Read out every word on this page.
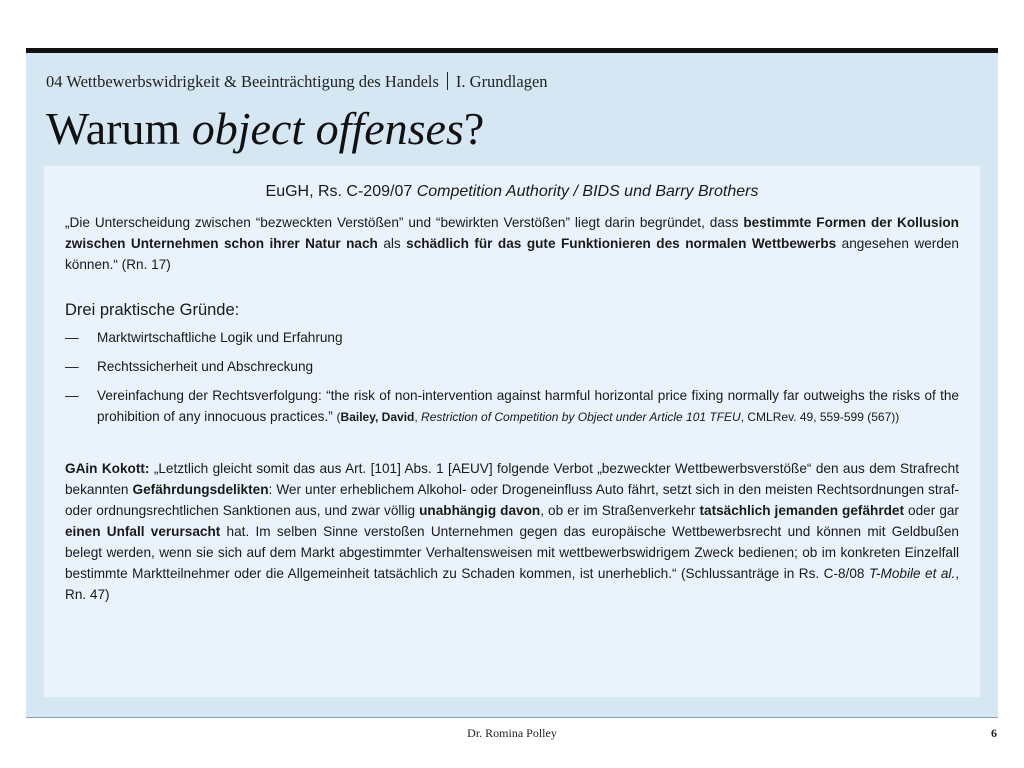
04 Wettbewerbswidrigkeit & Beeinträchtigung des Handels I. Grundlagen
Warum object offenses?
EuGH, Rs. C-209/07 Competition Authority / BIDS und Barry Brothers

„Die Unterscheidung zwischen “bezweckten Verstößen” und “bewirkten Verstößen” liegt darin begründet, dass bestimmte Formen der Kollusion zwischen Unternehmen schon ihrer Natur nach als schädlich für das gute Funktionieren des normalen Wettbewerbs angesehen werden können.“ (Rn. 17)

Drei praktische Gründe:
— Marktwirtschaftliche Logik und Erfahrung
— Rechtssicherheit und Abschreckung
— Vereinfachung der Rechtsverfolgung: “the risk of non-intervention against harmful horizontal price fixing normally far outweighs the risks of the prohibition of any innocuous practices.” (Bailey, David, Restriction of Competition by Object under Article 101 TFEU, CMLRev. 49, 559-599 (567))

GAin Kokott: „Letztlich gleicht somit das aus Art. [101] Abs. 1 [AEUV] folgende Verbot „bezweckter Wettbewerbsverstöße“ den aus dem Strafrecht bekannten Gefährdungsdelikten: Wer unter erheblichem Alkohol- oder Drogeneinfluss Auto fährt, setzt sich in den meisten Rechtsordnungen straf- oder ordnungsrechtlichen Sanktionen aus, und zwar völlig unabhängig davon, ob er im Straßenverkehr tatsächlich jemanden gefährdet oder gar einen Unfall verursacht hat. Im selben Sinne verstoßen Unternehmen gegen das europäische Wettbewerbsrecht und können mit Geldbußen belegt werden, wenn sie sich auf dem Markt abgestimmter Verhaltensweisen mit wettbewerbswidrigem Zweck bedienen; ob im konkreten Einzelfall bestimmte Marktteilnehmer oder die Allgemeinheit tatsächlich zu Schaden kommen, ist unerheblich.“ (Schlussanträge in Rs. C-8/08 T-Mobile et al., Rn. 47)

Dr. Romina Polley	6
